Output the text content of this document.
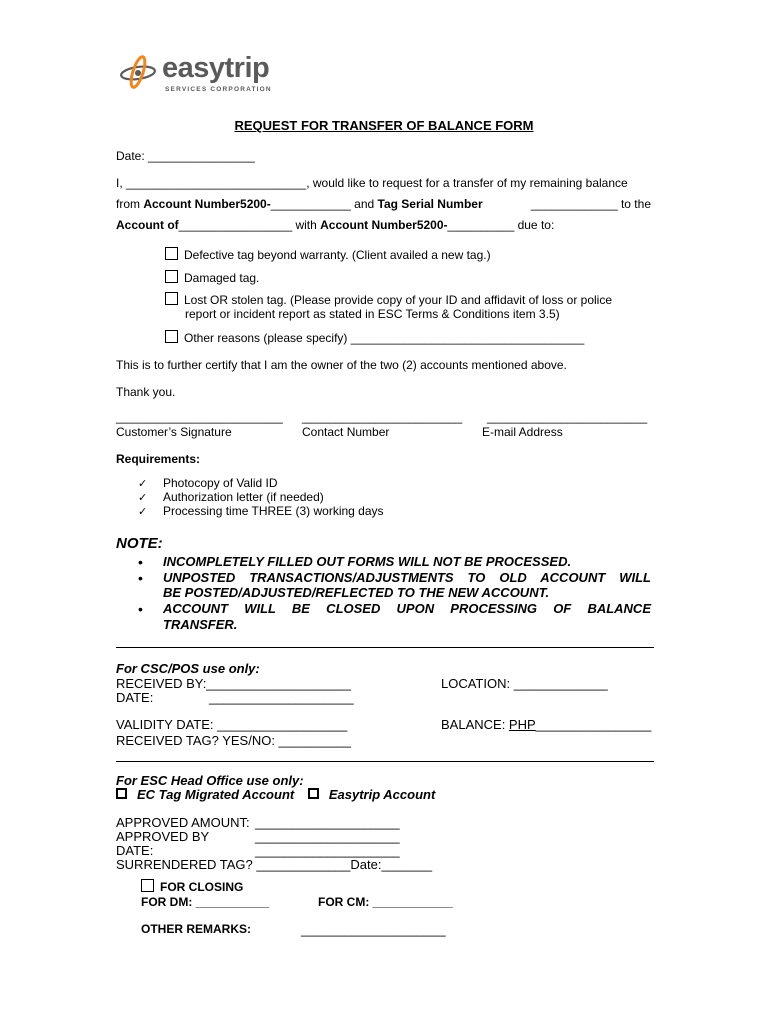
easytrip
SERVICES CORPORATION
REQUEST FOR TRANSFER OF BALANCE FORM
Date: ________________
I, ___________________________, would like to request for a transfer of my remaining balance
from Account Number5200-____________ and Tag Serial Number	_____________ to the
Account of_________________ with Account Number5200-__________ due to:
Defective tag beyond warranty. (Client availed a new tag.)
Damaged tag.
Lost OR stolen tag. (Please provide copy of your ID and affidavit of loss or police
report or incident report as stated in ESC Terms & Conditions item 3.5)
Other reasons (please specify) ___________________________________
This is to further certify that I am the owner of the two (2) accounts mentioned above.
Thank you.
_________________________
Customer’s Signature
________________________
Contact Number
________________________
E-mail Address
Requirements:
✓ Photocopy of Valid ID
✓ Authorization letter (if needed)
✓ Processing time THREE (3) working days
NOTE:
• INCOMPLETELY FILLED OUT FORMS WILL NOT BE PROCESSED.
• UNPOSTED TRANSACTIONS/ADJUSTMENTS TO OLD ACCOUNT WILL
BE POSTED/ADJUSTED/REFLECTED TO THE NEW ACCOUNT.
• ACCOUNT WILL BE CLOSED UPON PROCESSING OF BALANCE
TRANSFER.
For CSC/POS use only:
RECEIVED BY:____________________	LOCATION: _____________
DATE:	____________________
VALIDITY DATE: __________________	BALANCE: PHP________________
RECEIVED TAG? YES/NO: __________
For ESC Head Office use only:
EC Tag Migrated Account	Easytrip Account
APPROVED AMOUNT: ____________________
APPROVED BY	____________________
DATE:	____________________
SURRENDERED TAG? _____________Date:_______
FOR CLOSING
FOR DM: ___________	FOR CM: ____________
OTHER REMARKS:	____________________
